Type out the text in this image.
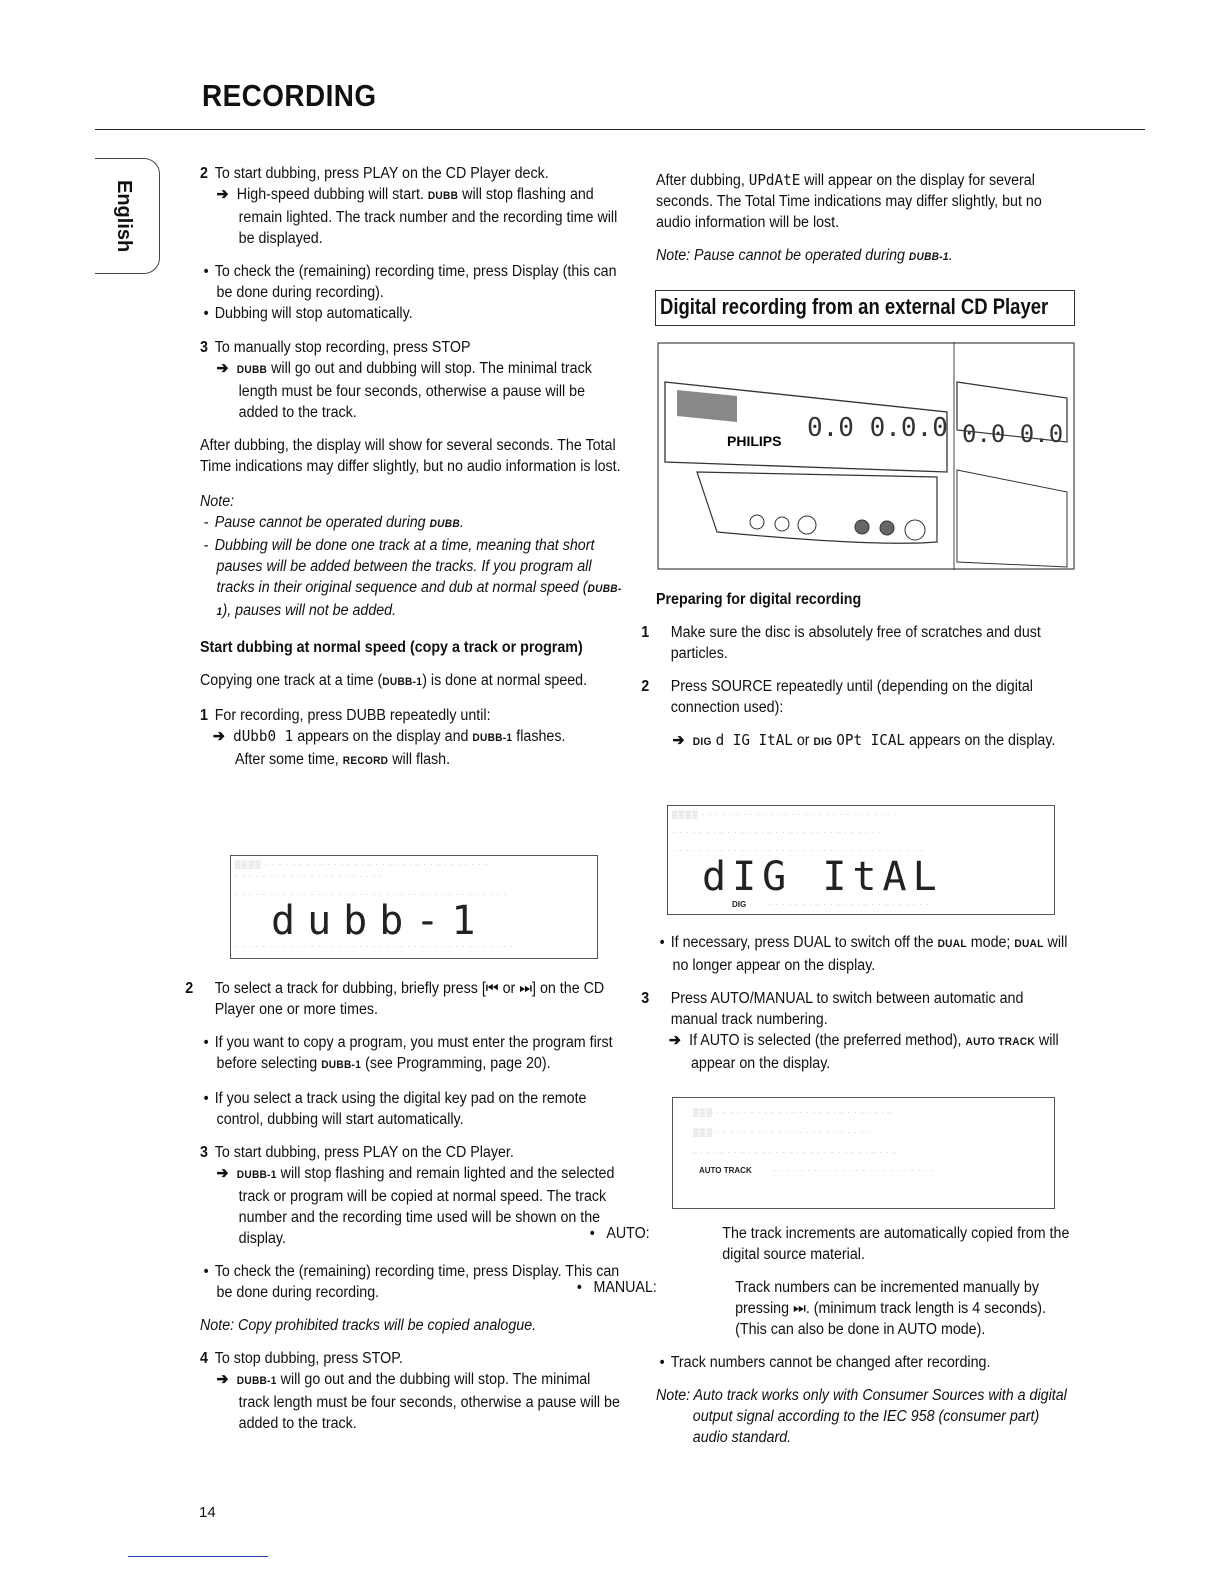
RECORDING
English

2 To start dubbing, press PLAY on the CD Player deck.

➔ High-speed dubbing will start. DUBB will stop flashing and remain lighted. The track number and the recording time will be displayed.

• To check the (remaining) recording time, press Display (this can be done during recording).

• Dubbing will stop automatically.

3 To manually stop recording, press STOP

➔ DUBB will go out and dubbing will stop. The minimal track length must be four seconds, otherwise a pause will be added to the track.

After dubbing, the display will show for several seconds. The Total Time indications may differ slightly, but no audio information is lost.

Note:

- Pause cannot be operated during DUBB.

- Dubbing will be done one track at a time, meaning that short pauses will be added between the tracks. If you program all tracks in their original sequence and dub at normal speed (DUBB-1), pauses will not be added.

Start dubbing at normal speed (copy a track or program)

Copying one track at a time (DUBB-1) is done at normal speed.

1 For recording, press DUBB repeatedly until:

➔ dUbb0 1 appears on the display and DUBB-1 flashes.

After some time, RECORD will flash.

▒▒▒▒ · · · · · · · · · · · · · · · · · · · · · · · · · · · · · · · · ·
· · · · · · · · · · · · · · · · · · · · · ·
· · · · · · · · · · · · · · · · · · · · · · · · · · · · · · · · · · · · · · · ·
dubb-1
· · · · · · · · · · · · · · · · · · · · · · · · · · · · · · · · · · · · · · · · ·

2 To select a track for dubbing, briefly press [⏮ or ⏭] on the CD Player one or more times.

• If you want to copy a program, you must enter the program first before selecting DUBB-1 (see Programming, page 20).

• If you select a track using the digital key pad on the remote control, dubbing will start automatically.

3 To start dubbing, press PLAY on the CD Player.

➔ DUBB-1 will stop flashing and remain lighted and the selected track or program will be copied at normal speed. The track number and the recording time used will be shown on the display.

• To check the (remaining) recording time, press Display. This can be done during recording.

Note: Copy prohibited tracks will be copied analogue.

4 To stop dubbing, press STOP.

➔ DUBB-1 will go out and the dubbing will stop. The minimal track length must be four seconds, otherwise a pause will be added to the track.

After dubbing, UPdAtE will appear on the display for several seconds. The Total Time indications may differ slightly, but no audio information will be lost.

Note: Pause cannot be operated during DUBB-1.

Digital recording from an external CD Player
PHILIPS 0.0 0.0.0 0.0 0.0

Preparing for digital recording

1 Make sure the disc is absolutely free of scratches and dust particles.

2 Press SOURCE repeatedly until (depending on the digital connection used):

➔ DIG d IG ItAL or DIG OPt ICAL appears on the display.

▒▒▒▒ · · · · · · · · · · · · · · · · · · · · · · · · · · · · ·
· · · · · · · · · · · · · · · · · · · · · · · · · · · · · · ·
· · · · · · · · · · · · · · · · · · · · · · · · · · · · · · · · · · · · ·
dIG ItAL
DIG	· · · · · · · · · · · · · · · · · · · · · · · ·

• If necessary, press DUAL to switch off the DUAL mode; DUAL will no longer appear on the display.

3 Press AUTO/MANUAL to switch between automatic and manual track numbering.

➔ If AUTO is selected (the preferred method), AUTO TRACK will appear on the display.

▒▒▒ · · · · · · · · · · · · · · · · · · · · · · · · · ·
▒▒▒ · · · · · · · · · · · · · · · · · · · · · · ·
· · · · · · · · · · · · · · · · · · · · · · · · · · · · · ·
AUTO TRACK	· · · · · · · · · · · · · · · · · · · · · · · ·

• AUTO:	The track increments are automatically copied from the digital source material.

• MANUAL:	Track numbers can be incremented manually by pressing ⏭. (minimum track length is 4 seconds).

(This can also be done in AUTO mode).

• Track numbers cannot be changed after recording.

Note: Auto track works only with Consumer Sources with a digital output signal according to the IEC 958 (consumer part) audio standard.

14
